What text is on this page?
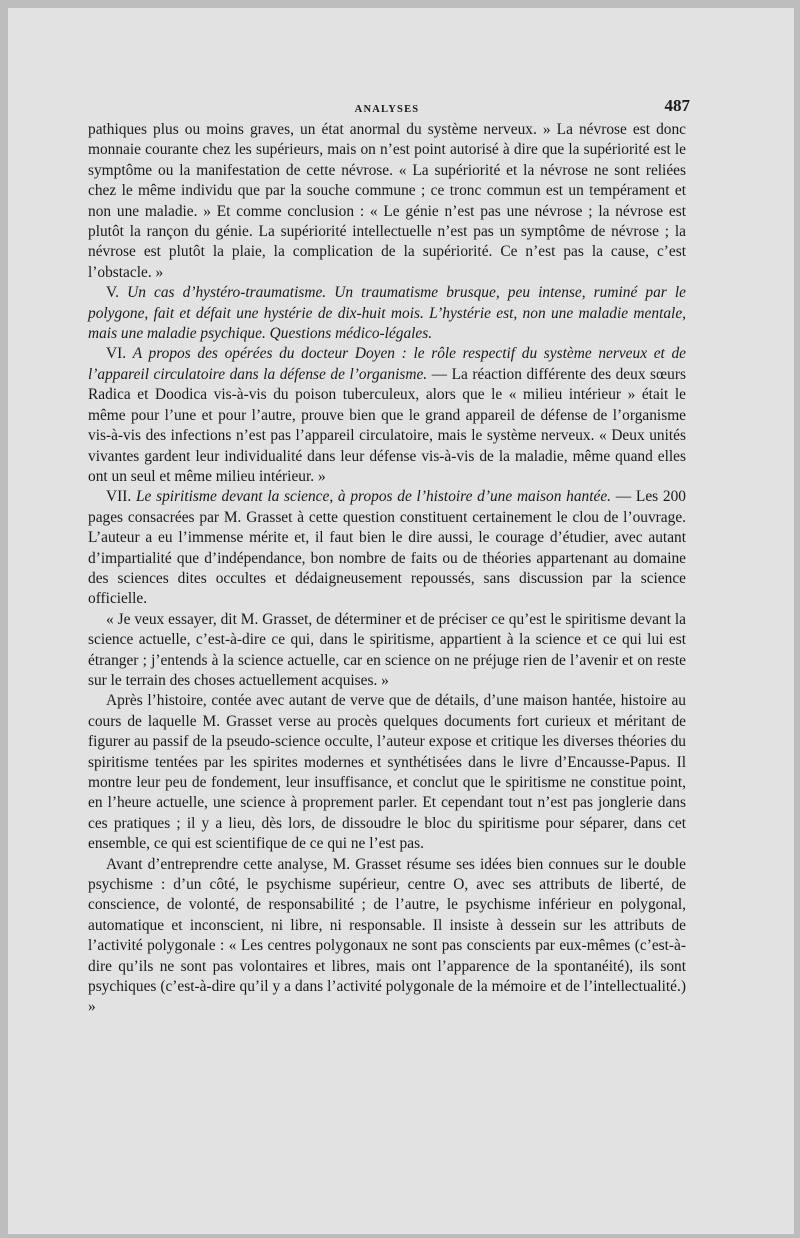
ANALYSES	487

pathiques plus ou moins graves, un état anormal du système nerveux. » La névrose est donc monnaie courante chez les supérieurs, mais on n’est point autorisé à dire que la supériorité est le symptôme ou la manifestation de cette névrose. « La supériorité et la névrose ne sont reliées chez le même individu que par la souche commune ; ce tronc commun est un tempérament et non une maladie. » Et comme conclusion : « Le génie n’est pas une névrose ; la névrose est plutôt la rançon du génie. La supériorité intellectuelle n’est pas un symptôme de névrose ; la névrose est plutôt la plaie, la complication de la supériorité. Ce n’est pas la cause, c’est l’obstacle. »

V. Un cas d’hystéro-traumatisme. Un traumatisme brusque, peu intense, ruminé par le polygone, fait et défait une hystérie de dix-huit mois. L’hystérie est, non une maladie mentale, mais une maladie psychique. Questions médico-légales.

VI. A propos des opérées du docteur Doyen : le rôle respectif du système nerveux et de l’appareil circulatoire dans la défense de l’organisme. — La réaction différente des deux sœurs Radica et Doodica vis-à-vis du poison tuberculeux, alors que le « milieu intérieur » était le même pour l’une et pour l’autre, prouve bien que le grand appareil de défense de l’organisme vis-à-vis des infections n’est pas l’appareil circulatoire, mais le système nerveux. « Deux unités vivantes gardent leur individualité dans leur défense vis-à-vis de la maladie, même quand elles ont un seul et même milieu intérieur. »

VII. Le spiritisme devant la science, à propos de l’histoire d’une maison hantée. — Les 200 pages consacrées par M. Grasset à cette question constituent certainement le clou de l’ouvrage. L’auteur a eu l’immense mérite et, il faut bien le dire aussi, le courage d’étudier, avec autant d’impartialité que d’indépendance, bon nombre de faits ou de théories appartenant au domaine des sciences dites occultes et dédaigneusement repoussés, sans discussion par la science officielle.

« Je veux essayer, dit M. Grasset, de déterminer et de préciser ce qu’est le spiritisme devant la science actuelle, c’est-à-dire ce qui, dans le spiritisme, appartient à la science et ce qui lui est étranger ; j’entends à la science actuelle, car en science on ne préjuge rien de l’avenir et on reste sur le terrain des choses actuellement acquises. »

Après l’histoire, contée avec autant de verve que de détails, d’une maison hantée, histoire au cours de laquelle M. Grasset verse au procès quelques documents fort curieux et méritant de figurer au passif de la pseudo-science occulte, l’auteur expose et critique les diverses théories du spiritisme tentées par les spirites modernes et synthétisées dans le livre d’Encausse-Papus. Il montre leur peu de fondement, leur insuffisance, et conclut que le spiritisme ne constitue point, en l’heure actuelle, une science à proprement parler. Et cependant tout n’est pas jonglerie dans ces pratiques ; il y a lieu, dès lors, de dissoudre le bloc du spiritisme pour séparer, dans cet ensemble, ce qui est scientifique de ce qui ne l’est pas.

Avant d’entreprendre cette analyse, M. Grasset résume ses idées bien connues sur le double psychisme : d’un côté, le psychisme supérieur, centre O, avec ses attributs de liberté, de conscience, de volonté, de responsabilité ; de l’autre, le psychisme inférieur en polygonal, automatique et inconscient, ni libre, ni responsable. Il insiste à dessein sur les attributs de l’activité polygonale : « Les centres polygonaux ne sont pas conscients par eux-mêmes (c’est-à-dire qu’ils ne sont pas volontaires et libres, mais ont l’apparence de la spontanéité), ils sont psychiques (c’est-à-dire qu’il y a dans l’activité polygonale de la mémoire et de l’intellectualité.) »
